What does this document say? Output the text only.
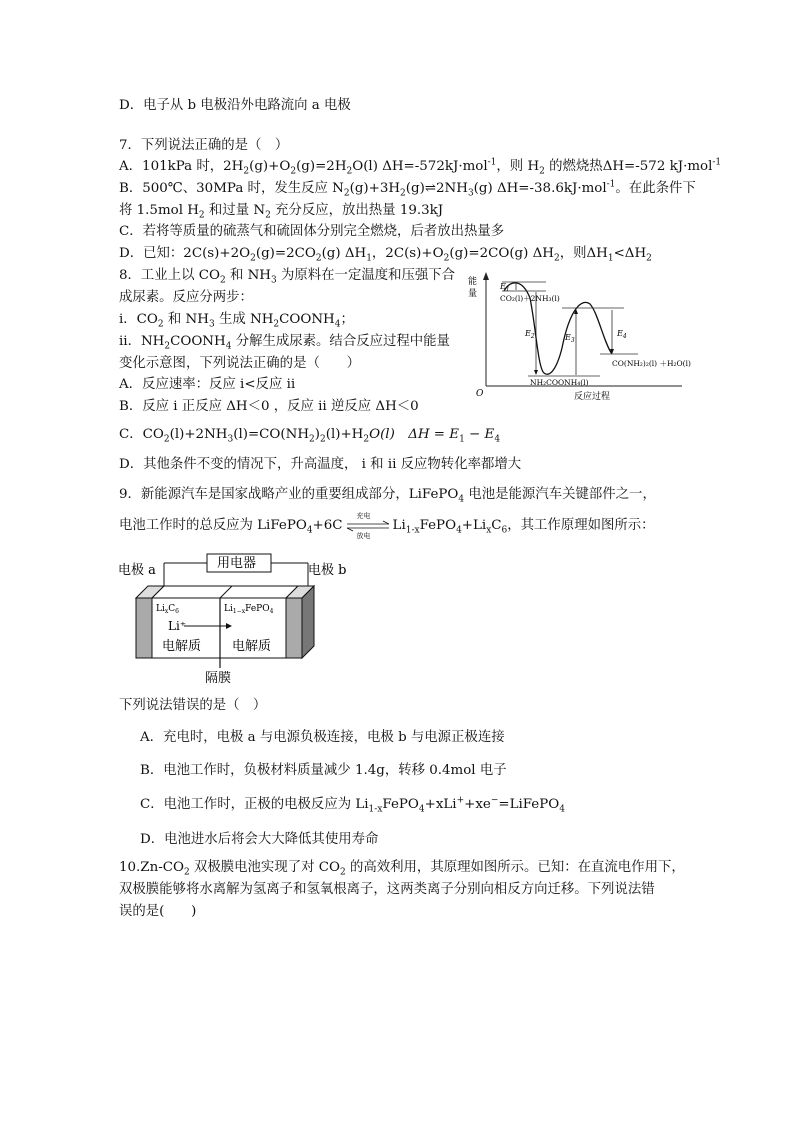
D．电子从 b 电极沿外电路流向 a 电极
7．下列说法正确的是（　）
A．101kPa 时，$2H_2(g)+O_2(g)=2H_2O(l)$ ΔH=-572kJ·mol$^{-1}$，则 $H_2$ 的燃烧热ΔH=-572 kJ·mol$^{-1}$
B．500℃、30MPa 时，发生反应 $N_2(g)+3H_2(g)\rightleftharpoons 2NH_3(g)$ ΔH=-38.6kJ·mol$^{-1}$。在此条件下
将 1.5mol $H_2$ 和过量 $N_2$ 充分反应，放出热量 19.3kJ
C．若将等质量的硫蒸气和硫固体分别完全燃烧，后者放出热量多
D．已知：$2C(s)+2O_2(g)=2CO_2(g)$ $\Delta H_1$，$2C(s)+O_2(g)=2CO(g)$ $\Delta H_2$，则$\Delta H_1<\Delta H_2$
8．工业上以 $CO_2$ 和 $NH_3$ 为原料在一定温度和压强下合
成尿素。反应分两步：
ⅰ．$CO_2$ 和 $NH_3$ 生成 $NH_2COONH_4$；
ⅱ．$NH_2COONH_4$ 分解生成尿素。结合反应过程中能量
变化示意图，下列说法正确的是（　　）
A．反应速率：反应 ⅰ<反应 ⅱ
B．反应 ⅰ 正反应 ΔH＜0 ，反应 ⅱ 逆反应 ΔH＜0
C．$CO_2(l)+2NH_3(l)=CO(NH_2)_2(l)+H_2O(l)$　$\Delta H = E_1 - E_4$
D．其他条件不变的情况下，升高温度， ⅰ 和 ⅱ 反应物转化率都增大
能
量
O	反应过程
$E_1$
$E_2$	$E_3$
$E_4$
CO₂(l)＋2NH₃(l)
NH₂COONH₄(l)
CO(NH₂)₂(l) ＋H₂O(l)
9．新能源汽车是国家战略产业的重要组成部分，LiFePO$_4$ 电池是能源汽车关键部件之一，
电池工作时的总反应为 LiFePO$_4$+6C
充电
放电
$Li_{1-x}FePO_4+Li_xC_6$，其工作原理如图所示：
用电器
电极 a	电极 b
$Li_xC_6$	$Li_{1-x}FePO_4$
Li⁺
电解质 电解质
隔膜
下列说法错误的是（　）
A．充电时，电极 a 与电源负极连接，电极 b 与电源正极连接
B．电池工作时，负极材料质量减少 1.4g，转移 0.4mol 电子
C．电池工作时，正极的电极反应为 $Li_{1-x}FePO_4+xLi^++xe^-=LiFePO_4$
D．电池进水后将会大大降低其使用寿命
$10.Zn-CO_2$ 双极膜电池实现了对 $CO_2$ 的高效利用，其原理如图所示。已知：在直流电作用下，
双极膜能够将水离解为氢离子和氢氧根离子，这两类离子分别向相反方向迁移。下列说法错
误的是(　　)
